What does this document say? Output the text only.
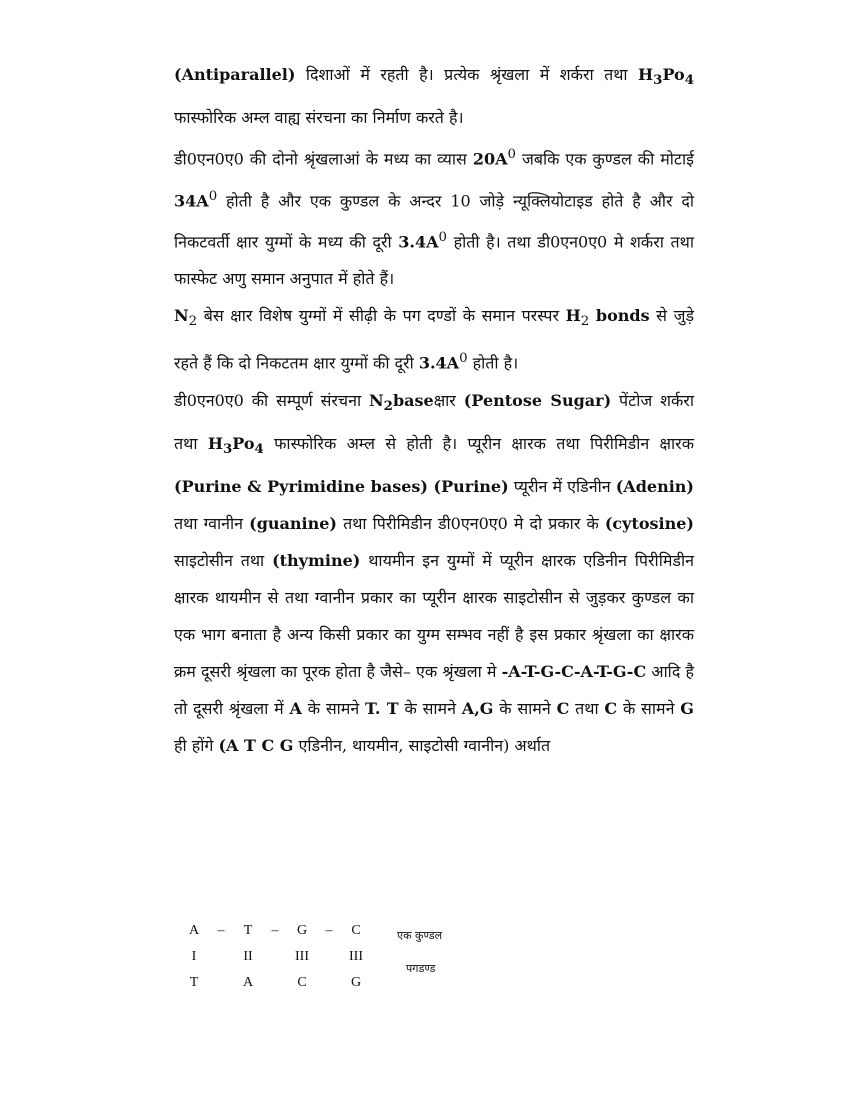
(Antiparallel) दिशाओं में रहती है। प्रत्येक श्रृंखला में शर्करा तथा $H_3Po_4$ फास्फोरिक अम्ल वाह्य संरचना का निर्माण करते है।

डी0एन0ए0 की दोनो श्रृंखलाआं के मध्य का व्यास $20A^0$ जबकि एक कुण्डल की मोटाई $34A^0$ होती है और एक कुण्डल के अन्दर 10 जोड़े न्यूक्लियोटाइड होते है और दो निकटवर्ती क्षार युग्मों के मध्य की दूरी $3.4A^0$ होती है। तथा डी0एन0ए0 मे शर्करा तथा फास्फेट अणु समान अनुपात में होते हैं।

$N_2$ बेस क्षार विशेष युग्मों में सीढ़ी के पग दण्डों के समान परस्पर $H_2$ bonds से जुड़े रहते हैं कि दो निकटतम क्षार युग्मों की दूरी $3.4A^0$ होती है।

डी0एन0ए0 की सम्पूर्ण संरचना $N_2baseक्षार$ (Pentose Sugar) पेंटोज शर्करा तथा $H_3Po_4$ फास्फोरिक अम्ल से होती है। प्यूरीन क्षारक तथा पिरीमिडीन क्षारक (Purine & Pyrimidine bases) (Purine) प्यूरीन में एडिनीन (Adenin) तथा ग्वानीन (guanine) तथा पिरीमिडीन डी0एन0ए0 मे दो प्रकार के (cytosine) साइटोसीन तथा (thymine) थायमीन इन युग्मों में प्यूरीन क्षारक एडिनीन पिरीमिडीन क्षारक थायमीन से तथा ग्वानीन प्रकार का प्यूरीन क्षारक साइटोसीन से जुड़कर कुण्डल का एक भाग बनाता है अन्य किसी प्रकार का युग्म सम्भव नहीं है इस प्रकार श्रृंखला का क्षारक क्रम दूसरी श्रृंखला का पूरक होता है जैसे– एक श्रृंखला मे -A-T-G-C-A-T-G-C आदि है तो दूसरी श्रृंखला में A के सामने T. T के सामने A,G के सामने C तथा C के सामने G ही होंगे (A T C G एडिनीन, थायमीन, साइटोसी ग्वानीन) अर्थात

A	–	T	–	G	–	C
I	II	III	III
T	A	C	G
एक कुण्डल
पगडण्ड
